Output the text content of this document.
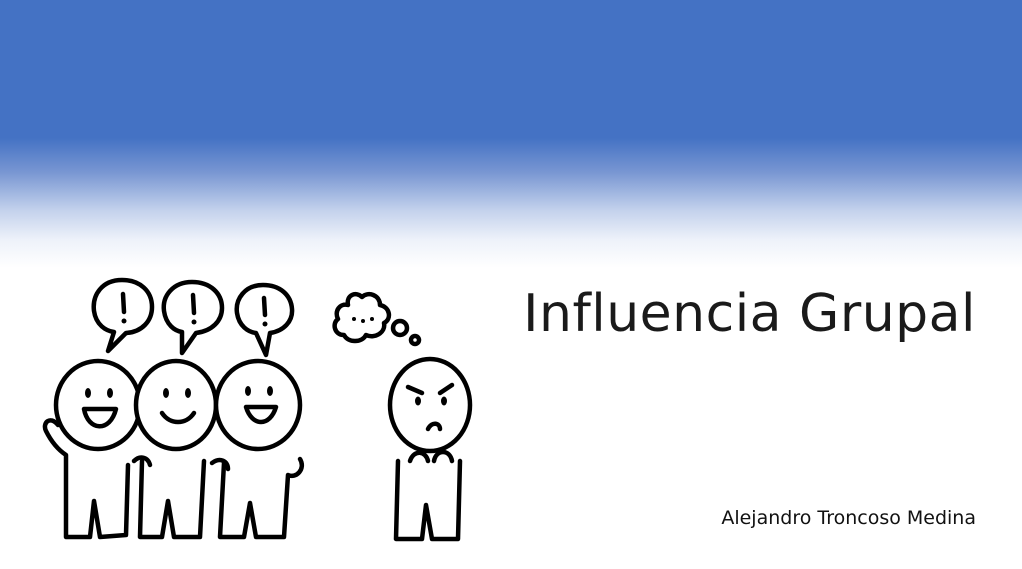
Influencia Grupal
Alejandro Troncoso Medina
